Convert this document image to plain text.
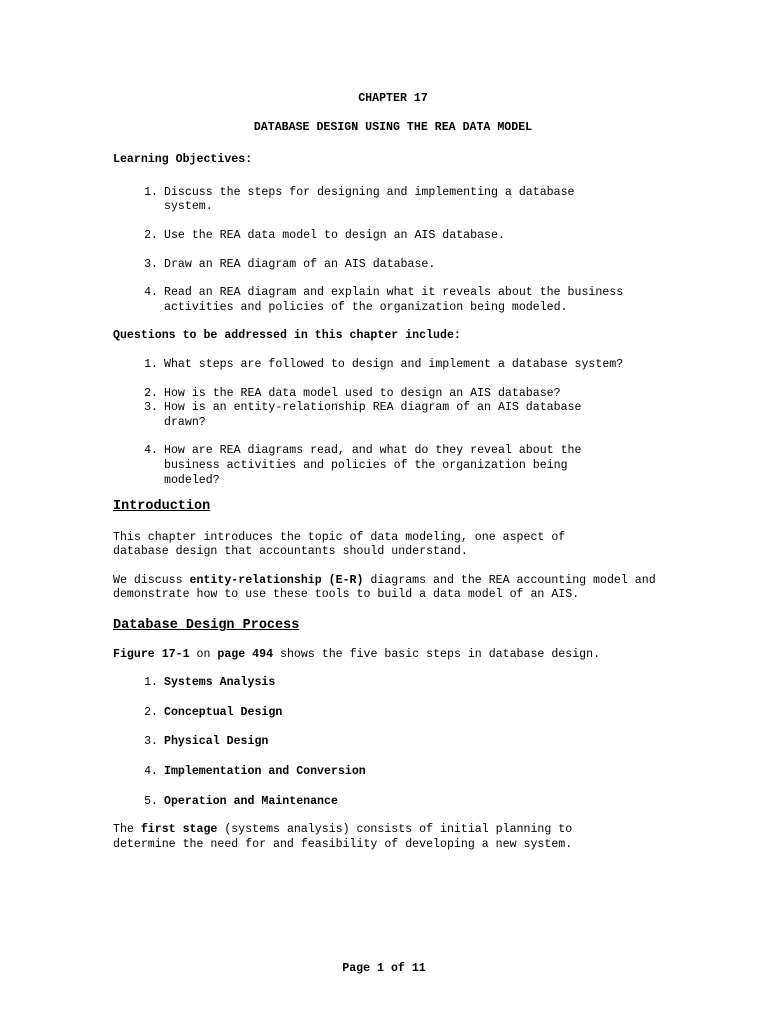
CHAPTER 17

DATABASE DESIGN USING THE REA DATA MODEL

Learning Objectives:

1. Discuss the steps for designing and implementing a database system.
2. Use the REA data model to design an AIS database.
3. Draw an REA diagram of an AIS database.
4. Read an REA diagram and explain what it reveals about the business activities and policies of the organization being modeled.

Questions to be addressed in this chapter include:

1. What steps are followed to design and implement a database system?
2. How is the REA data model used to design an AIS database?
3. How is an entity-relationship REA diagram of an AIS database drawn?
4. How are REA diagrams read, and what do they reveal about the business activities and policies of the organization being modeled?

Introduction

This chapter introduces the topic of data modeling, one aspect of database design that accountants should understand.

We discuss entity-relationship (E-R) diagrams and the REA accounting model and demonstrate how to use these tools to build a data model of an AIS.

Database Design Process

Figure 17-1 on page 494 shows the five basic steps in database design.

1. Systems Analysis
2. Conceptual Design
3. Physical Design
4. Implementation and Conversion
5. Operation and Maintenance

The first stage (systems analysis) consists of initial planning to determine the need for and feasibility of developing a new system.

Page 1 of 11
